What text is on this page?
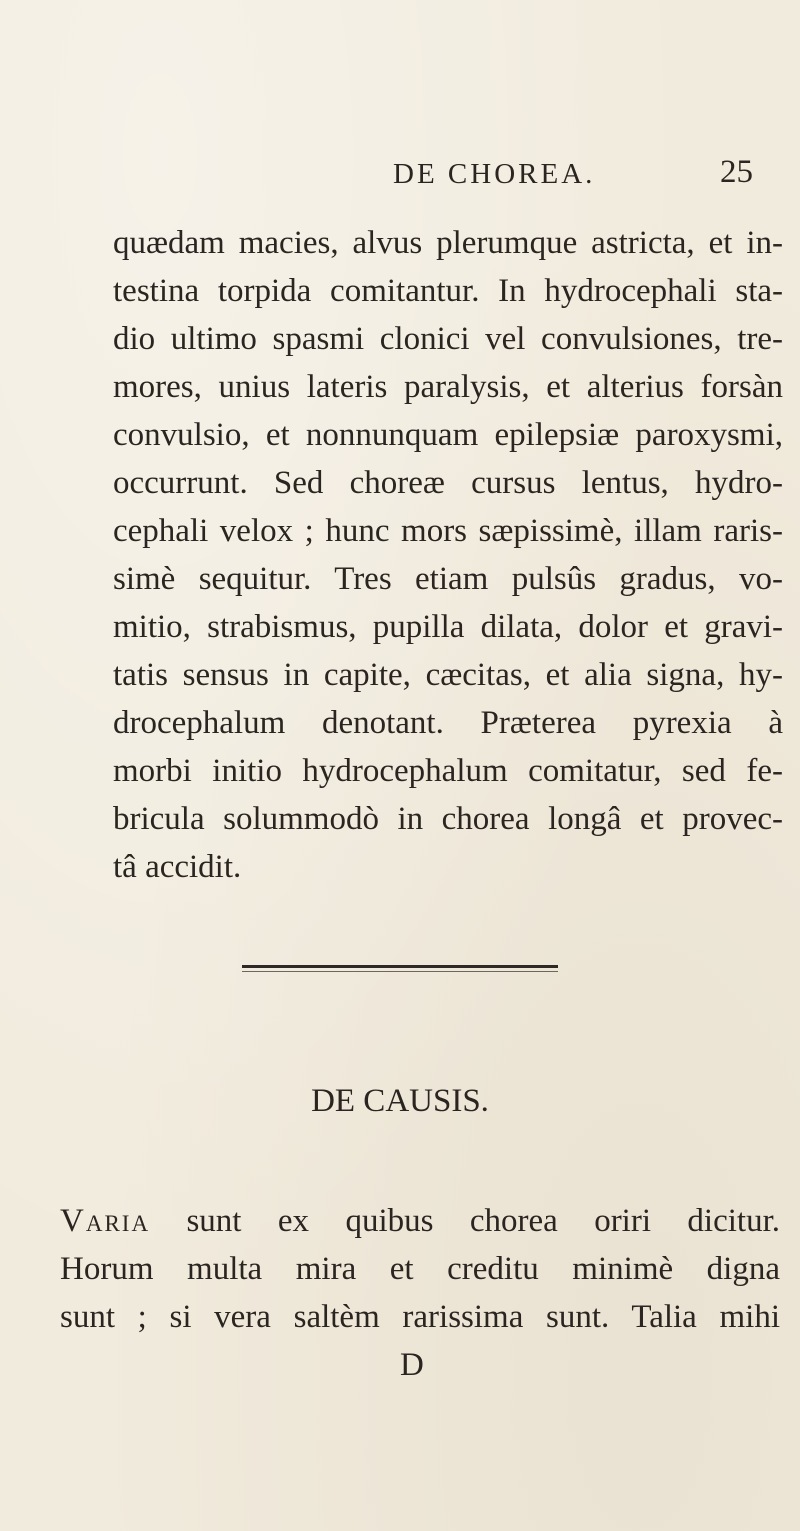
DE CHOREA.	25
quædam macies, alvus plerumque astricta, et in-
testina torpida comitantur. In hydrocephali sta-
dio ultimo spasmi clonici vel convulsiones, tre-
mores, unius lateris paralysis, et alterius forsàn
convulsio, et nonnunquam epilepsiæ paroxysmi,
occurrunt. Sed choreæ cursus lentus, hydro-
cephali velox ; hunc mors sæpissimè, illam raris-
simè sequitur. Tres etiam pulsûs gradus, vo-
mitio, strabismus, pupilla dilata, dolor et gravi-
tatis sensus in capite, cæcitas, et alia signa, hy-
drocephalum denotant. Præterea pyrexia à
morbi initio hydrocephalum comitatur, sed fe-
bricula solummodò in chorea longâ et provec-
tâ accidit.
DE CAUSIS.
Varia sunt ex quibus chorea oriri dicitur.
Horum multa mira et creditu minimè digna
sunt ; si vera saltèm rarissima sunt. Talia mihi
D
